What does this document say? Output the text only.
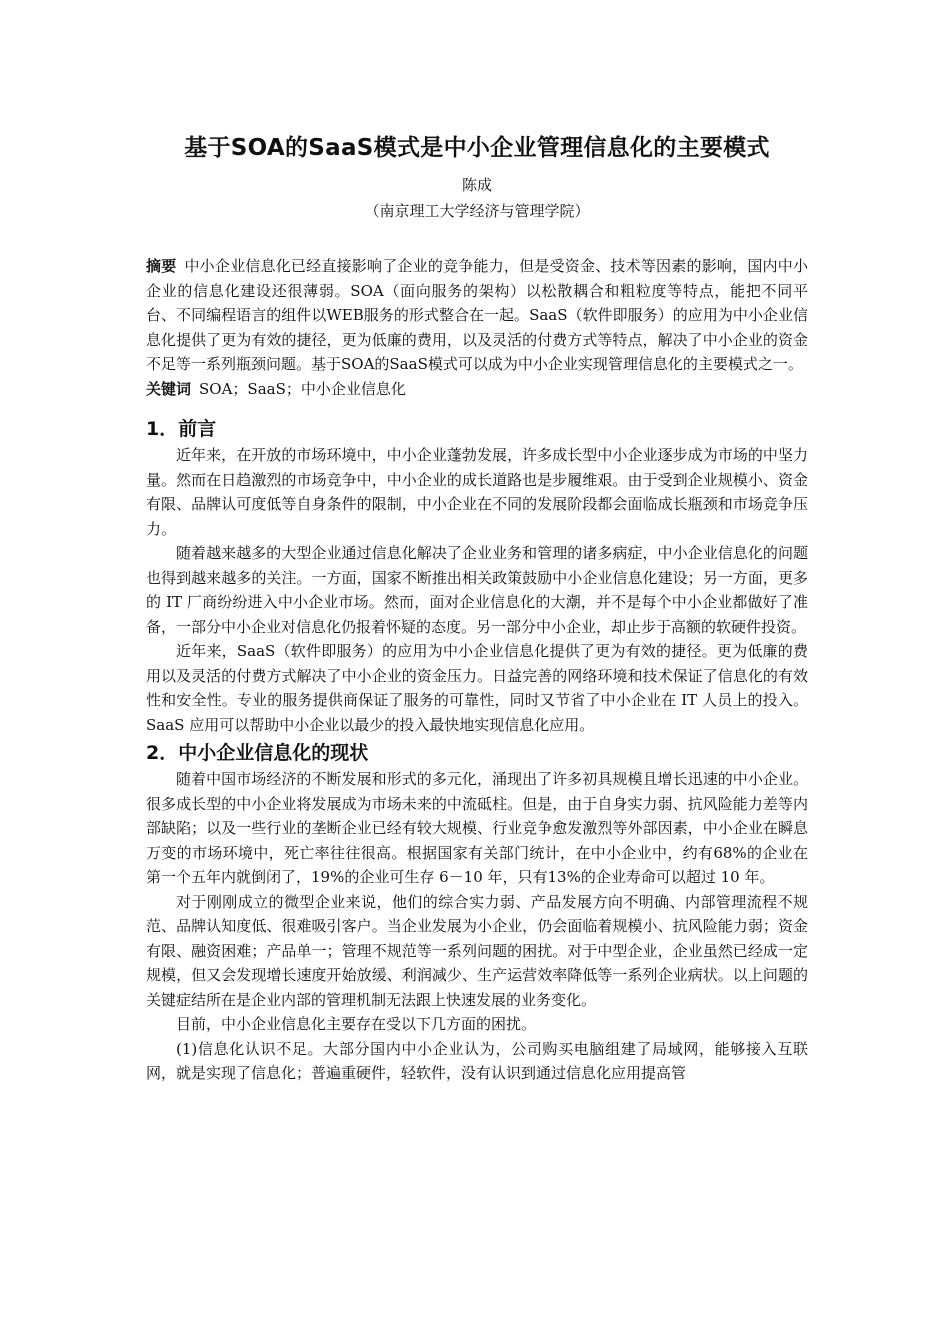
基于SOA的SaaS模式是中小企业管理信息化的主要模式

陈成

（南京理工大学经济与管理学院）

摘要 中小企业信息化已经直接影响了企业的竞争能力，但是受资金、技术等因素的影响，国内中小企业的信息化建设还很薄弱。SOA（面向服务的架构）以松散耦合和粗粒度等特点，能把不同平台、不同编程语言的组件以WEB服务的形式整合在一起。SaaS（软件即服务）的应用为中小企业信息化提供了更为有效的捷径，更为低廉的费用，以及灵活的付费方式等特点，解决了中小企业的资金不足等一系列瓶颈问题。基于SOA的SaaS模式可以成为中小企业实现管理信息化的主要模式之一。

关键词 SOA；SaaS；中小企业信息化

1．前言

近年来，在开放的市场环境中，中小企业蓬勃发展，许多成长型中小企业逐步成为市场的中坚力量。然而在日趋激烈的市场竞争中，中小企业的成长道路也是步履维艰。由于受到企业规模小、资金有限、品牌认可度低等自身条件的限制，中小企业在不同的发展阶段都会面临成长瓶颈和市场竞争压力。

随着越来越多的大型企业通过信息化解决了企业业务和管理的诸多病症，中小企业信息化的问题也得到越来越多的关注。一方面，国家不断推出相关政策鼓励中小企业信息化建设；另一方面，更多的 IT 厂商纷纷进入中小企业市场。然而，面对企业信息化的大潮，并不是每个中小企业都做好了准备，一部分中小企业对信息化仍报着怀疑的态度。另一部分中小企业，却止步于高额的软硬件投资。

近年来，SaaS（软件即服务）的应用为中小企业信息化提供了更为有效的捷径。更为低廉的费用以及灵活的付费方式解决了中小企业的资金压力。日益完善的网络环境和技术保证了信息化的有效性和安全性。专业的服务提供商保证了服务的可靠性，同时又节省了中小企业在 IT 人员上的投入。SaaS 应用可以帮助中小企业以最少的投入最快地实现信息化应用。

2．中小企业信息化的现状

随着中国市场经济的不断发展和形式的多元化，涌现出了许多初具规模且增长迅速的中小企业。很多成长型的中小企业将发展成为市场未来的中流砥柱。但是，由于自身实力弱、抗风险能力差等内部缺陷；以及一些行业的垄断企业已经有较大规模、行业竞争愈发激烈等外部因素，中小企业在瞬息万变的市场环境中，死亡率往往很高。根据国家有关部门统计，在中小企业中，约有68%的企业在第一个五年内就倒闭了，19%的企业可生存 6－10 年，只有13%的企业寿命可以超过 10 年。

对于刚刚成立的微型企业来说，他们的综合实力弱、产品发展方向不明确、内部管理流程不规范、品牌认知度低、很难吸引客户。当企业发展为小企业，仍会面临着规模小、抗风险能力弱；资金有限、融资困难；产品单一；管理不规范等一系列问题的困扰。对于中型企业，企业虽然已经成一定规模，但又会发现增长速度开始放缓、利润减少、生产运营效率降低等一系列企业病状。以上问题的关键症结所在是企业内部的管理机制无法跟上快速发展的业务变化。

目前，中小企业信息化主要存在受以下几方面的困扰。

(1)信息化认识不足。大部分国内中小企业认为，公司购买电脑组建了局域网，能够接入互联网，就是实现了信息化；普遍重硬件，轻软件，没有认识到通过信息化应用提高管
